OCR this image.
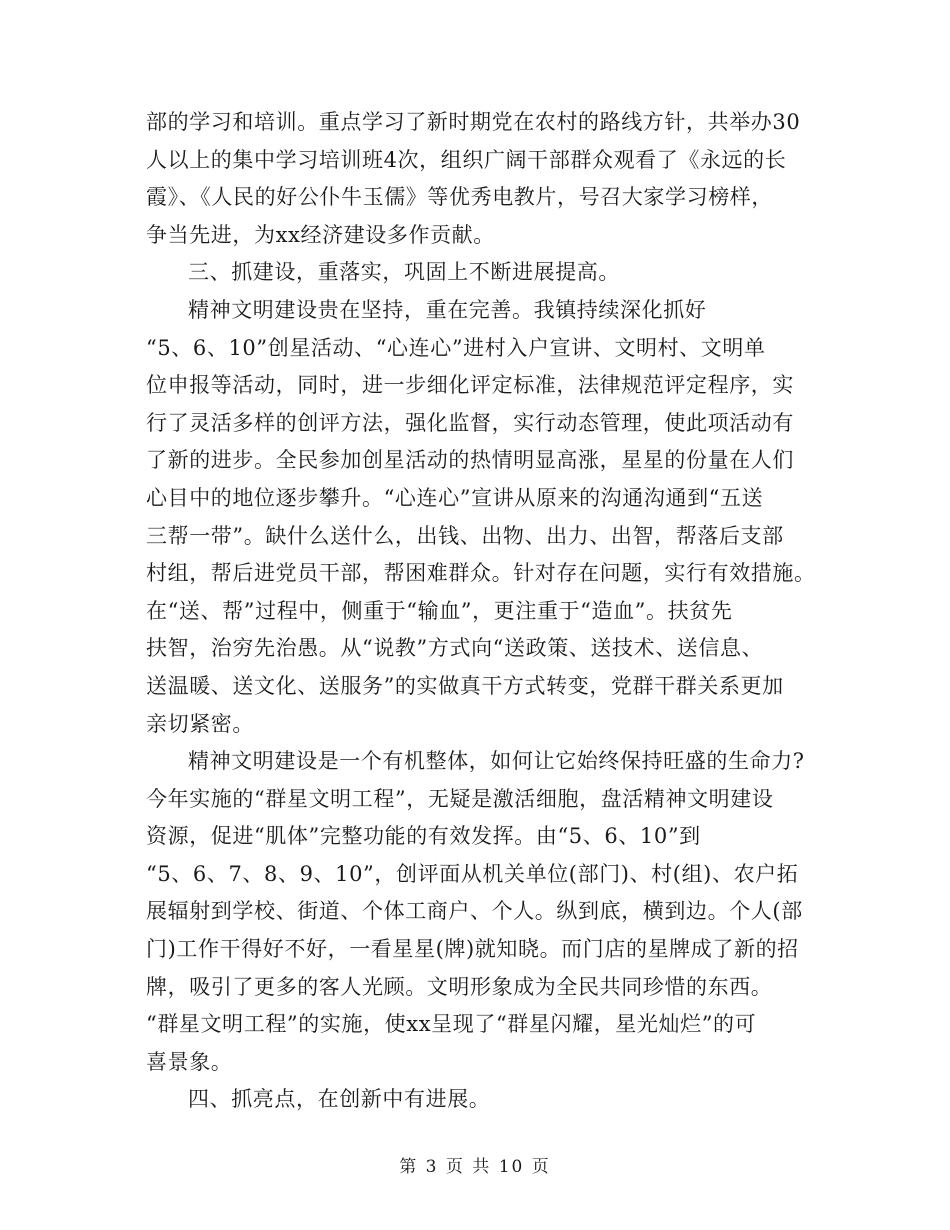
部的学习和培训。重点学习了新时期党在农村的路线方针，共举办30
人以上的集中学习培训班4次，组织广阔干部群众观看了《永远的长
霞》、《人民的好公仆牛玉儒》等优秀电教片，号召大家学习榜样，
争当先进，为xx经济建设多作贡献。
三、抓建设，重落实，巩固上不断进展提高。
精神文明建设贵在坚持，重在完善。我镇持续深化抓好
“5、6、10”创星活动、“心连心”进村入户宣讲、文明村、文明单
位申报等活动，同时，进一步细化评定标准，法律规范评定程序，实
行了灵活多样的创评方法，强化监督，实行动态管理，使此项活动有
了新的进步。全民参加创星活动的热情明显高涨，星星的份量在人们
心目中的地位逐步攀升。“心连心”宣讲从原来的沟通沟通到“五送
三帮一带”。缺什么送什么，出钱、出物、出力、出智，帮落后支部
村组，帮后进党员干部，帮困难群众。针对存在问题，实行有效措施。
在“送、帮”过程中，侧重于“输血”，更注重于“造血”。扶贫先
扶智，治穷先治愚。从“说教”方式向“送政策、送技术、送信息、
送温暖、送文化、送服务”的实做真干方式转变，党群干群关系更加
亲切紧密。
精神文明建设是一个有机整体，如何让它始终保持旺盛的生命力?
今年实施的“群星文明工程”，无疑是激活细胞，盘活精神文明建设
资源，促进“肌体”完整功能的有效发挥。由“5、6、10”到
“5、6、7、8、9、10”，创评面从机关单位(部门)、村(组)、农户拓
展辐射到学校、街道、个体工商户、个人。纵到底，横到边。个人(部
门)工作干得好不好，一看星星(牌)就知晓。而门店的星牌成了新的招
牌，吸引了更多的客人光顾。文明形象成为全民共同珍惜的东西。
“群星文明工程”的实施，使xx呈现了“群星闪耀，星光灿烂”的可
喜景象。
四、抓亮点，在创新中有进展。
第 3 页 共 10 页
